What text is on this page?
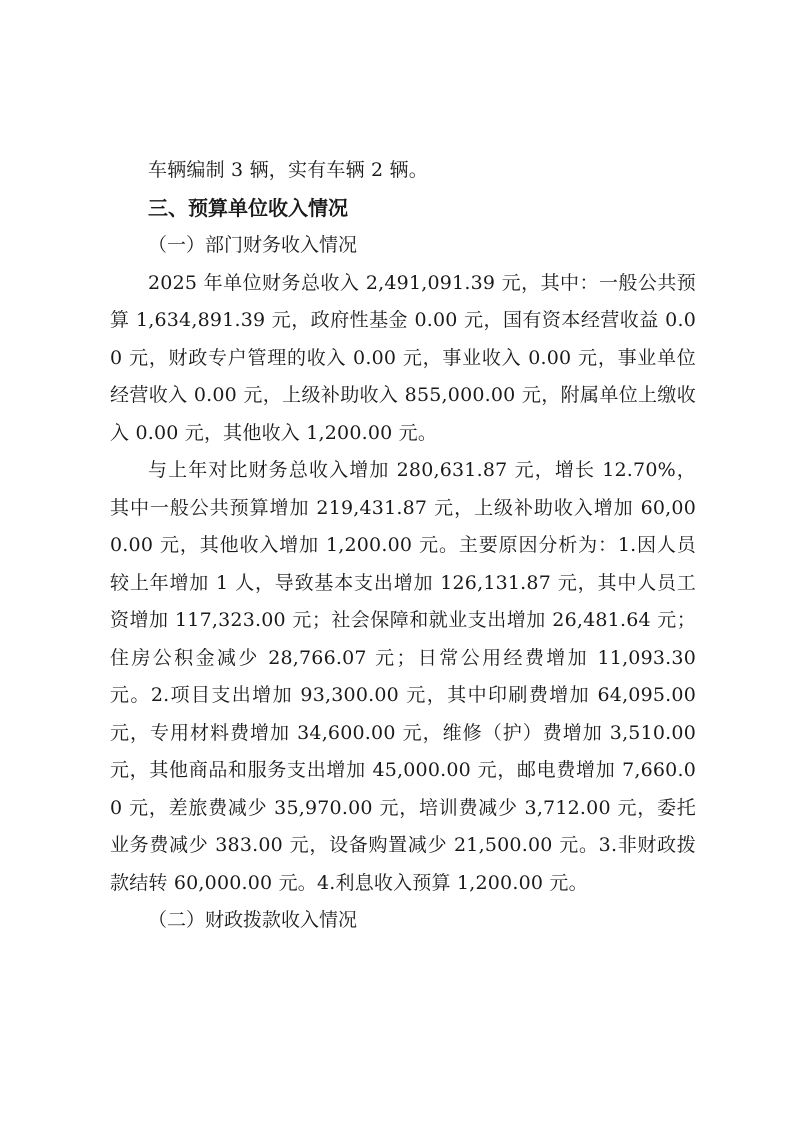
车辆编制 3 辆，实有车辆 2 辆。

三、预算单位收入情况
（一）部门财务收入情况

2025 年单位财务总收入 2,491,091.39 元，其中：一般公共预算 1,634,891.39 元，政府性基金 0.00 元，国有资本经营收益 0.00 元，财政专户管理的收入 0.00 元，事业收入 0.00 元，事业单位经营收入 0.00 元，上级补助收入 855,000.00 元，附属单位上缴收入 0.00 元，其他收入 1,200.00 元。

与上年对比财务总收入增加 280,631.87 元，增长 12.70%，其中一般公共预算增加 219,431.87 元，上级补助收入增加 60,000.00 元，其他收入增加 1,200.00 元。主要原因分析为：1.因人员较上年增加 1 人，导致基本支出增加 126,131.87 元，其中人员工资增加 117,323.00 元；社会保障和就业支出增加 26,481.64 元；住房公积金减少 28,766.07 元；日常公用经费增加 11,093.30 元。2.项目支出增加 93,300.00 元，其中印刷费增加 64,095.00 元，专用材料费增加 34,600.00 元，维修（护）费增加 3,510.00 元，其他商品和服务支出增加 45,000.00 元，邮电费增加 7,660.00 元，差旅费减少 35,970.00 元，培训费减少 3,712.00 元，委托业务费减少 383.00 元，设备购置减少 21,500.00 元。3.非财政拨款结转 60,000.00 元。4.利息收入预算 1,200.00 元。

（二）财政拨款收入情况
